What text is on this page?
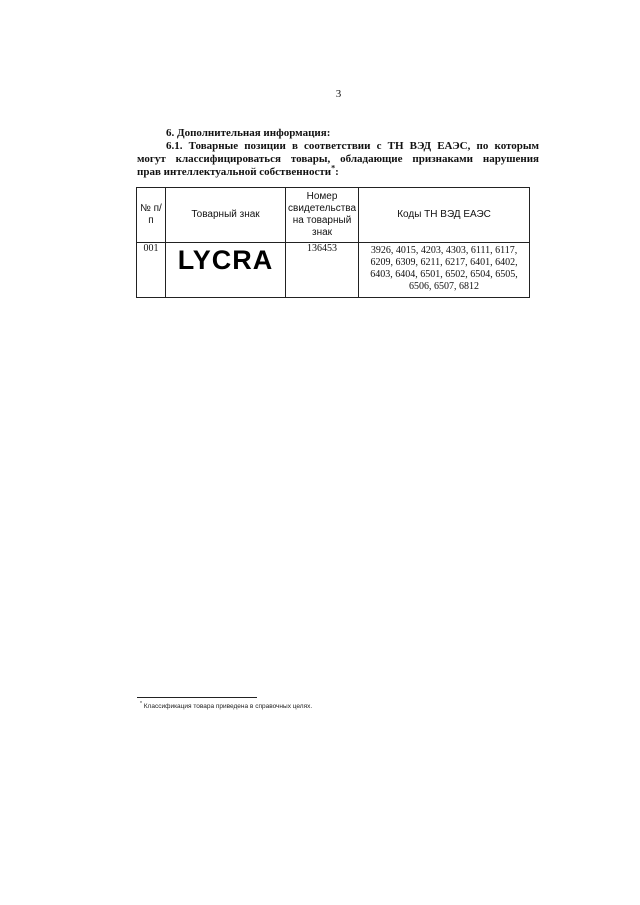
3
6. Дополнительная информация:
6.1. Товарные позиции в соответствии с ТН ВЭД ЕАЭС, по которым
могут классифицироваться товары, обладающие признаками нарушения
прав интеллектуальной собственности*:
№ п/п	Товарный знак	Номер свидетельства на товарный знак	Коды ТН ВЭД ЕАЭС
001	LYCRA	136453	3926, 4015, 4203, 4303, 6111, 6117, 6209, 6309, 6211, 6217, 6401, 6402, 6403, 6404, 6501, 6502, 6504, 6505, 6506, 6507, 6812
* Классификация товара приведена в справочных целях.
